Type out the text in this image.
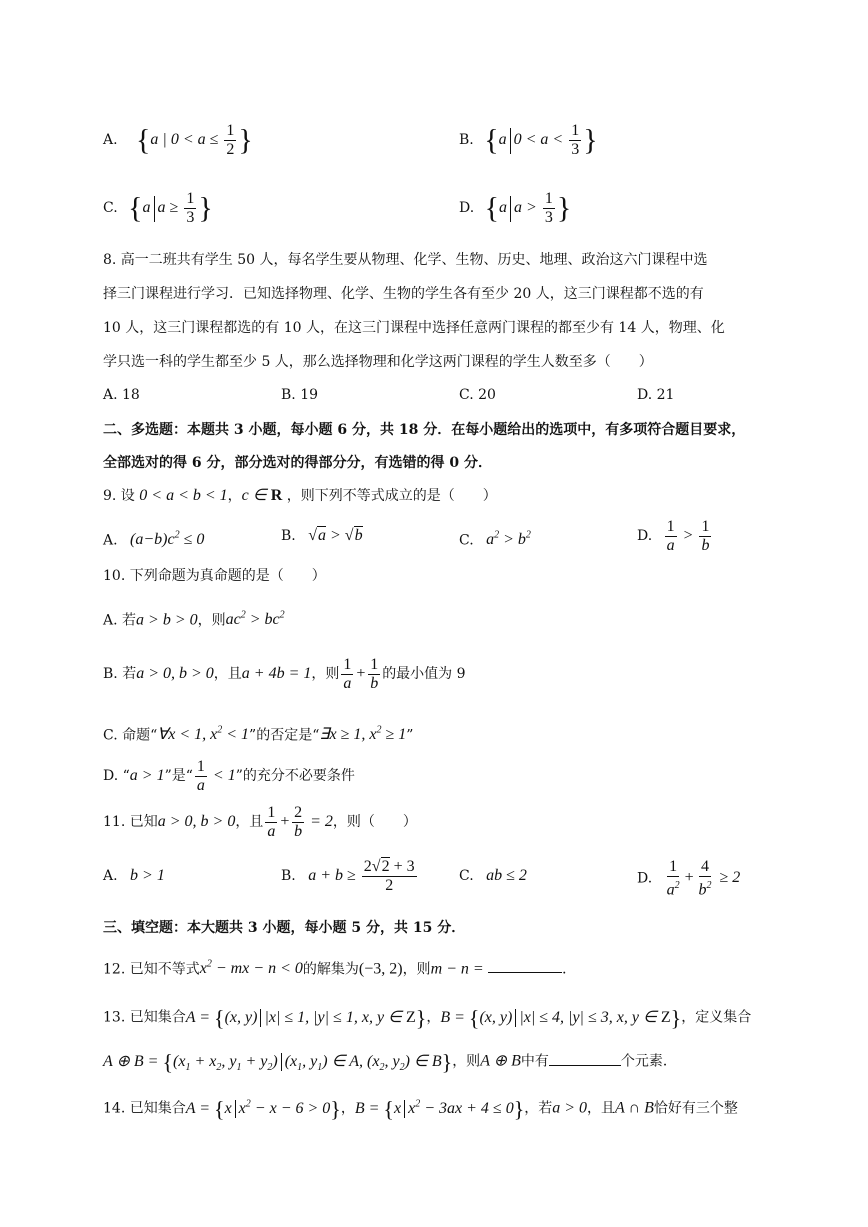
A. {a | $0 < a \le \frac{1}{2}$ }	B. {a $0 < a < \frac{1}{3}$ }
C. {a $a \ge \frac{1}{3}$ }	D. {a $a > \frac{1}{3}$ }
8. 高一二班共有学生 50 人，每名学生要从物理、化学、生物、历史、地理、政治这六门课程中选
择三门课程进行学习．已知选择物理、化学、生物的学生各有至少 20 人，这三门课程都不选的有
10 人，这三门课程都选的有 10 人，在这三门课程中选择任意两门课程的都至少有 14 人，物理、化
学只选一科的学生都至少 5 人，那么选择物理和化学这两门课程的学生人数至多（　　）
A. 18	B. 19	C. 20	D. 21
二、多选题：本题共 3 小题，每小题 6 分，共 18 分．在每小题给出的选项中，有多项符合题目要求，
全部选对的得 6 分，部分选对的得部分分，有选错的得 0 分．
9. 设 0 < a < b < 1，c ∈ R ，则下列不等式成立的是（　　）
A. $(a-b)c^2 \le 0$	B. √a > √b	C. $a^2 > b^2$	D. $\frac{1}{a} > \frac{1}{b}$
10. 下列命题为真命题的是（　　）
A. 若a > b > 0，则$ac^2 > bc^2$
B. 若a > 0, b > 0，且a + 4b = 1，则 $\frac{1}{a} + \frac{1}{b}$ 的最小值为 9
C. 命题“∀x < 1, $x^2 < 1$”的否定是“∃x ≥ 1, $x^2 \ge 1$”
D. “a > 1”是“ $\frac{1}{a} < 1$”的充分不必要条件
11. 已知a > 0, b > 0，且 $\frac{1}{a} + \frac{2}{b} = 2$，则（　　）
A. b > 1	B. $a + b \ge \frac{2√2 + 3}{2}$	C. ab ≤ 2	D. $\frac{1}{a^2} + \frac{4}{b^2} \ge 2$
三、填空题：本大题共 3 小题，每小题 5 分，共 15 分．
12. 已知不等式$x^2$ − mx − n < 0的解集为(−3, 2)，则m − n =	．
13. 已知集合A = {(x, y) |x| ≤ 1, |y| ≤ 1, x, y ∈ Z}，B = {(x, y) |x| ≤ 4, |y| ≤ 3, x, y ∈ Z}，定义集合
A ⊕ $B = \{(x_1 + x_2$, $y_1 + y_2$) ($x_1$, $y_1$) ∈ A, ($x_2$, $y_2$) ∈ B}，则A ⊕ B中有	个元素．
14. 已知集合A = {x $x^2 - x - 6 > 0$}，B = {x $x^2 - 3ax + 4 \le 0$}，若a > 0，且A ∩ B恰好有三个整
